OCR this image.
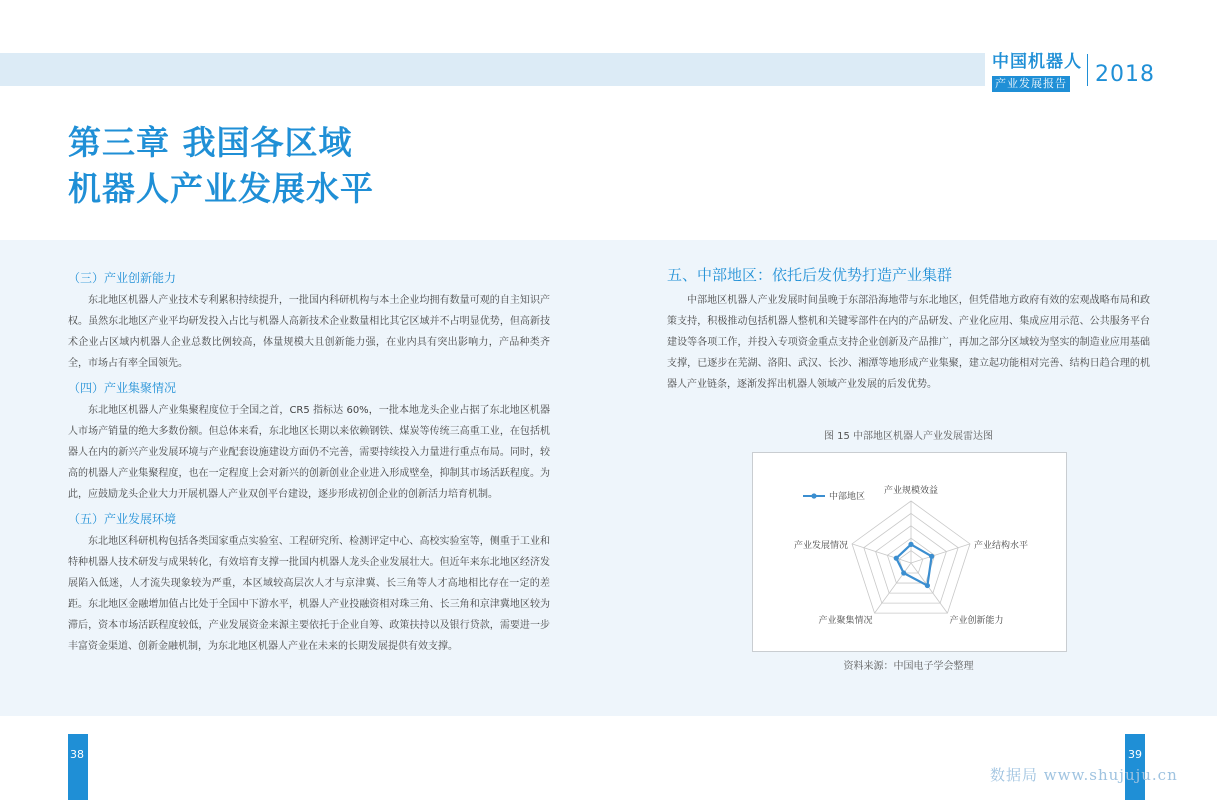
中国机器人
产业发展报告	2018
第三章 我国各区域
机器人产业发展水平
（三）产业创新能力

东北地区机器人产业技术专利累积持续提升，一批国内科研机构与本土企业均拥有数量可观的自主知识产权。虽然东北地区产业平均研发投入占比与机器人高新技术企业数量相比其它区域并不占明显优势，但高新技术企业占区域内机器人企业总数比例较高，体量规模大且创新能力强，在业内具有突出影响力，产品种类齐全，市场占有率全国领先。

（四）产业集聚情况

东北地区机器人产业集聚程度位于全国之首，CR5 指标达 60%，一批本地龙头企业占据了东北地区机器人市场产销量的绝大多数份额。但总体来看，东北地区长期以来依赖钢铁、煤炭等传统三高重工业，在包括机器人在内的新兴产业发展环境与产业配套设施建设方面仍不完善，需要持续投入力量进行重点布局。同时，较高的机器人产业集聚程度，也在一定程度上会对新兴的创新创业企业进入形成壁垒，抑制其市场活跃程度。为此，应鼓励龙头企业大力开展机器人产业双创平台建设，逐步形成初创企业的创新活力培育机制。

（五）产业发展环境

东北地区科研机构包括各类国家重点实验室、工程研究所、检测评定中心、高校实验室等，侧重于工业和特种机器人技术研发与成果转化，有效培育支撑一批国内机器人龙头企业发展壮大。但近年来东北地区经济发展陷入低迷，人才流失现象较为严重，本区域较高层次人才与京津冀、长三角等人才高地相比存在一定的差距。东北地区金融增加值占比处于全国中下游水平，机器人产业投融资相对珠三角、长三角和京津冀地区较为滞后，资本市场活跃程度较低，产业发展资金来源主要依托于企业自筹、政策扶持以及银行贷款，需要进一步丰富资金渠道、创新金融机制，为东北地区机器人产业在未来的长期发展提供有效支撑。

五、中部地区：依托后发优势打造产业集群

中部地区机器人产业发展时间虽晚于东部沿海地带与东北地区，但凭借地方政府有效的宏观战略布局和政策支持，积极推动包括机器人整机和关键零部件在内的产品研发、产业化应用、集成应用示范、公共服务平台建设等各项工作，并投入专项资金重点支持企业创新及产品推广，再加之部分区域较为坚实的制造业应用基础支撑，已逐步在芜湖、洛阳、武汉、长沙、湘潭等地形成产业集聚，建立起功能相对完善、结构日趋合理的机器人产业链条，逐渐发挥出机器人领域产业发展的后发优势。

图 15 中部地区机器人产业发展雷达图
产业规模效益
产业结构水平
产业创新能力
产业聚集情况
产业发展情况
中部地区
资料来源：中国电子学会整理
38	39
数据局 www.shujuju.cn
